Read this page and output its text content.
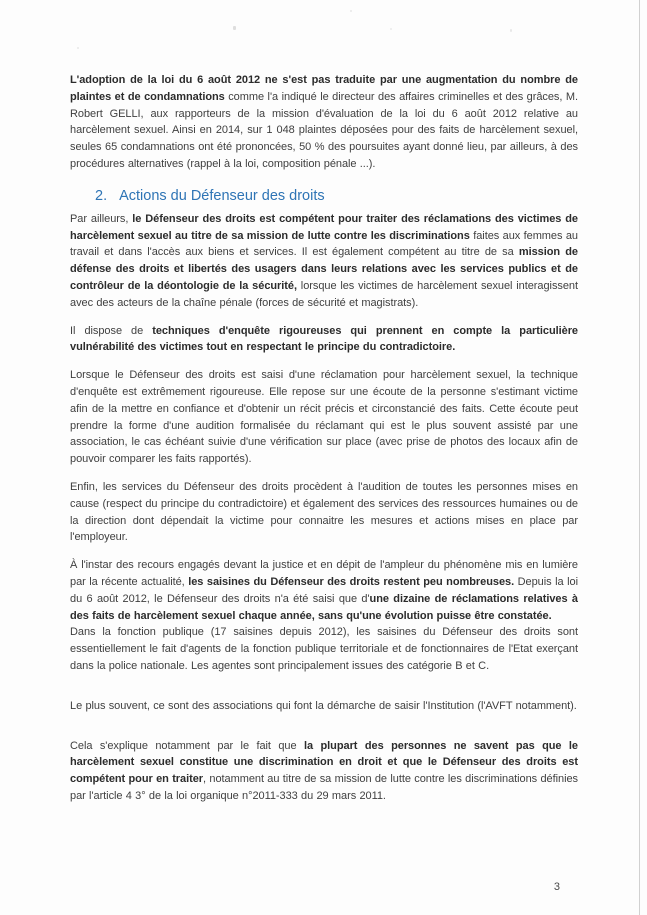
L'adoption de la loi du 6 août 2012 ne s'est pas traduite par une augmentation du nombre de plaintes et de condamnations comme l'a indiqué le directeur des affaires criminelles et des grâces, M. Robert GELLI, aux rapporteurs de la mission d'évaluation de la loi du 6 août 2012 relative au harcèlement sexuel. Ainsi en 2014, sur 1 048 plaintes déposées pour des faits de harcèlement sexuel, seules 65 condamnations ont été prononcées, 50 % des poursuites ayant donné lieu, par ailleurs, à des procédures alternatives (rappel à la loi, composition pénale ...).

2. Actions du Défenseur des droits

Par ailleurs, le Défenseur des droits est compétent pour traiter des réclamations des victimes de harcèlement sexuel au titre de sa mission de lutte contre les discriminations faites aux femmes au travail et dans l'accès aux biens et services. Il est également compétent au titre de sa mission de défense des droits et libertés des usagers dans leurs relations avec les services publics et de contrôleur de la déontologie de la sécurité, lorsque les victimes de harcèlement sexuel interagissent avec des acteurs de la chaîne pénale (forces de sécurité et magistrats).

Il dispose de techniques d'enquête rigoureuses qui prennent en compte la particulière vulnérabilité des victimes tout en respectant le principe du contradictoire.

Lorsque le Défenseur des droits est saisi d'une réclamation pour harcèlement sexuel, la technique d'enquête est extrêmement rigoureuse. Elle repose sur une écoute de la personne s'estimant victime afin de la mettre en confiance et d'obtenir un récit précis et circonstancié des faits. Cette écoute peut prendre la forme d'une audition formalisée du réclamant qui est le plus souvent assisté par une association, le cas échéant suivie d'une vérification sur place (avec prise de photos des locaux afin de pouvoir comparer les faits rapportés).

Enfin, les services du Défenseur des droits procèdent à l'audition de toutes les personnes mises en cause (respect du principe du contradictoire) et également des services des ressources humaines ou de la direction dont dépendait la victime pour connaitre les mesures et actions mises en place par l'employeur.

À l'instar des recours engagés devant la justice et en dépit de l'ampleur du phénomène mis en lumière par la récente actualité, les saisines du Défenseur des droits restent peu nombreuses. Depuis la loi du 6 août 2012, le Défenseur des droits n'a été saisi que d'une dizaine de réclamations relatives à des faits de harcèlement sexuel chaque année, sans qu'une évolution puisse être constatée.

Dans la fonction publique (17 saisines depuis 2012), les saisines du Défenseur des droits sont essentiellement le fait d'agents de la fonction publique territoriale et de fonctionnaires de l'Etat exerçant dans la police nationale. Les agentes sont principalement issues des catégorie B et C.

Le plus souvent, ce sont des associations qui font la démarche de saisir l'Institution (l'AVFT notamment).

Cela s'explique notamment par le fait que la plupart des personnes ne savent pas que le harcèlement sexuel constitue une discrimination en droit et que le Défenseur des droits est compétent pour en traiter, notamment au titre de sa mission de lutte contre les discriminations définies par l'article 4 3° de la loi organique n°2011-333 du 29 mars 2011.

3
